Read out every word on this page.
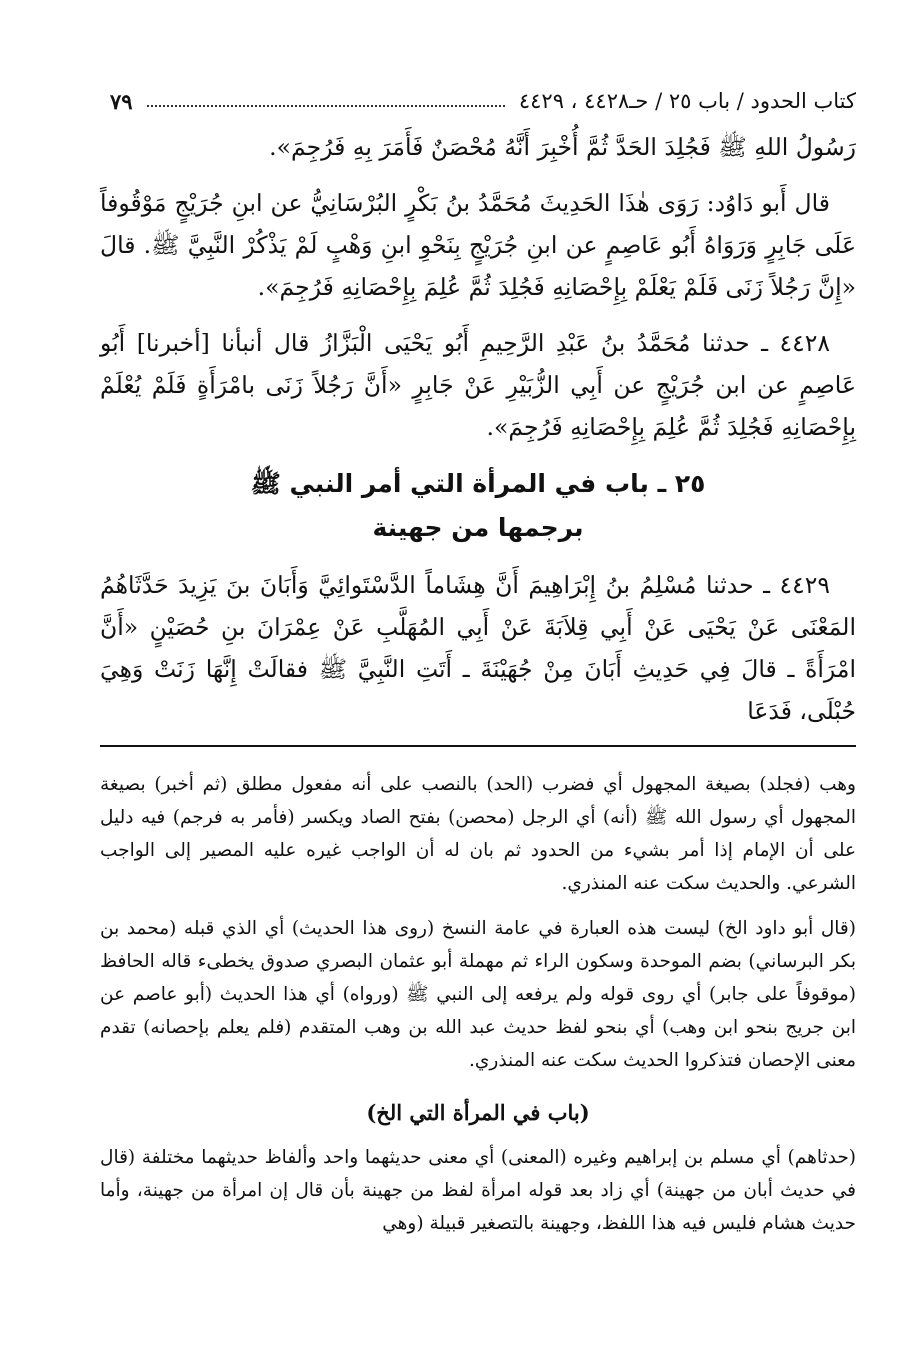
كتاب الحدود / باب ٢٥ / حـ٤٤٢٨ ، ٤٤٢٩
٧٩

رَسُولُ اللهِ ﷺ فَجُلِدَ الحَدَّ ثُمَّ أُخْبِرَ أَنَّهُ مُحْصَنٌ فَأَمَرَ بِهِ فَرُجِمَ».

قال أَبو دَاوُد: رَوَى هٰذَا الحَدِيثَ مُحَمَّدُ بنُ بَكْرٍ البُرْسَانِيُّ عن ابنِ جُرَيْجٍ مَوْقُوفاً عَلَى جَابِرٍ وَرَوَاهُ أَبُو عَاصِمٍ عن ابنِ جُرَيْجٍ بِنَحْوِ ابنِ وَهْبٍ لَمْ يَذْكُرْ النَّبِيَّ ﷺ. قالَ «إِنَّ رَجُلاً زَنَى فَلَمْ يَعْلَمْ بِإِحْصَانِهِ فَجُلِدَ ثُمَّ عُلِمَ بِإِحْصَانِهِ فَرُجِمَ».

٤٤٢٨ ـ حدثنا مُحَمَّدُ بنُ عَبْدِ الرَّحِيمِ أَبُو يَحْيَى الْبَزَّازُ قال أنبأنا [أخبرنا] أَبُو عَاصِمٍ عن ابن جُرَيْجٍ عن أَبِي الزُّبَيْرِ عَنْ جَابِرٍ «أَنَّ رَجُلاً زَنَى بامْرَأَةٍ فَلَمْ يُعْلَمْ بِإِحْصَانِهِ فَجُلِدَ ثُمَّ عُلِمَ بِإِحْصَانِهِ فَرُجِمَ».

٢٥ ـ باب في المرأة التي أمر النبي ﷺ
برجمها من جهينة

٤٤٢٩ ـ حدثنا مُسْلِمُ بنُ إِبْرَاهِيمَ أَنَّ هِشَاماً الدَّسْتَوائِيَّ وَأَبَانَ بنَ يَزِيدَ حَدَّثَاهُمُ المَعْنَى عَنْ يَحْيَى عَنْ أَبِي قِلاَبَةَ عَنْ أَبِي المُهَلَّبِ عَنْ عِمْرَانَ بنِ حُصَيْنٍ «أَنَّ امْرَأَةً ـ قالَ فِي حَدِيثِ أَبَانَ مِنْ جُهَيْنَةَ ـ أَتَتِ النَّبِيَّ ﷺ فقالَتْ إِنَّهَا زَنَتْ وَهِيَ حُبْلَى، فَدَعَا

وهب (فجلد) بصيغة المجهول أي فضرب (الحد) بالنصب على أنه مفعول مطلق (ثم أخبر) بصيغة المجهول أي رسول الله ﷺ (أنه) أي الرجل (محصن) بفتح الصاد ويكسر (فأمر به فرجم) فيه دليل على أن الإمام إذا أمر بشيء من الحدود ثم بان له أن الواجب غيره عليه المصير إلى الواجب الشرعي. والحديث سكت عنه المنذري.

(قال أبو داود الخ) ليست هذه العبارة في عامة النسخ (روى هذا الحديث) أي الذي قبله (محمد بن بكر البرساني) بضم الموحدة وسكون الراء ثم مهملة أبو عثمان البصري صدوق يخطىء قاله الحافظ (موقوفاً على جابر) أي روى قوله ولم يرفعه إلى النبي ﷺ (ورواه) أي هذا الحديث (أبو عاصم عن ابن جريج بنحو ابن وهب) أي بنحو لفظ حديث عبد الله بن وهب المتقدم (فلم يعلم بإحصانه) تقدم معنى الإحصان فتذكروا الحديث سكت عنه المنذري.

(باب في المرأة التي الخ)

(حدثاهم) أي مسلم بن إبراهيم وغيره (المعنى) أي معنى حديثهما واحد وألفاظ حديثهما مختلفة (قال في حديث أبان من جهينة) أي زاد بعد قوله امرأة لفظ من جهينة بأن قال إن امرأة من جهينة، وأما حديث هشام فليس فيه هذا اللفظ، وجهينة بالتصغير قبيلة (وهي
